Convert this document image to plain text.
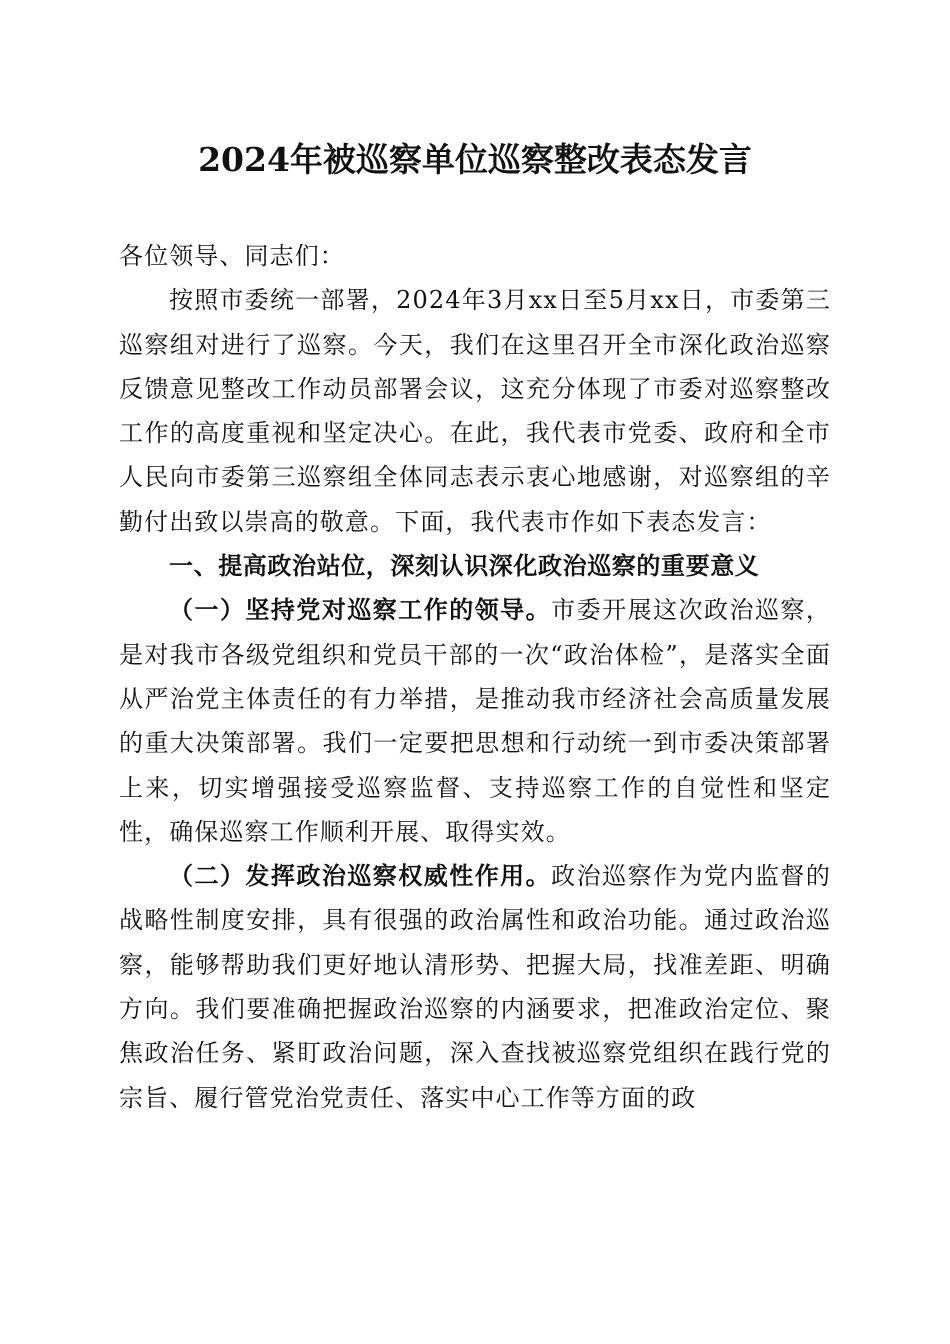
2024年被巡察单位巡察整改表态发言

各位领导、同志们：

按照市委统一部署，2024年3月xx日至5月xx日，市委第三巡察组对进行了巡察。今天，我们在这里召开全市深化政治巡察反馈意见整改工作动员部署会议，这充分体现了市委对巡察整改工作的高度重视和坚定决心。在此，我代表市党委、政府和全市人民向市委第三巡察组全体同志表示衷心地感谢，对巡察组的辛勤付出致以崇高的敬意。下面，我代表市作如下表态发言：

一、提高政治站位，深刻认识深化政治巡察的重要意义

（一）坚持党对巡察工作的领导。市委开展这次政治巡察，是对我市各级党组织和党员干部的一次“政治体检”，是落实全面从严治党主体责任的有力举措，是推动我市经济社会高质量发展的重大决策部署。我们一定要把思想和行动统一到市委决策部署上来，切实增强接受巡察监督、支持巡察工作的自觉性和坚定性，确保巡察工作顺利开展、取得实效。

（二）发挥政治巡察权威性作用。政治巡察作为党内监督的战略性制度安排，具有很强的政治属性和政治功能。通过政治巡察，能够帮助我们更好地认清形势、把握大局，找准差距、明确方向。我们要准确把握政治巡察的内涵要求，把准政治定位、聚焦政治任务、紧盯政治问题，深入查找被巡察党组织在践行党的宗旨、履行管党治党责任、落实中心工作等方面的政
